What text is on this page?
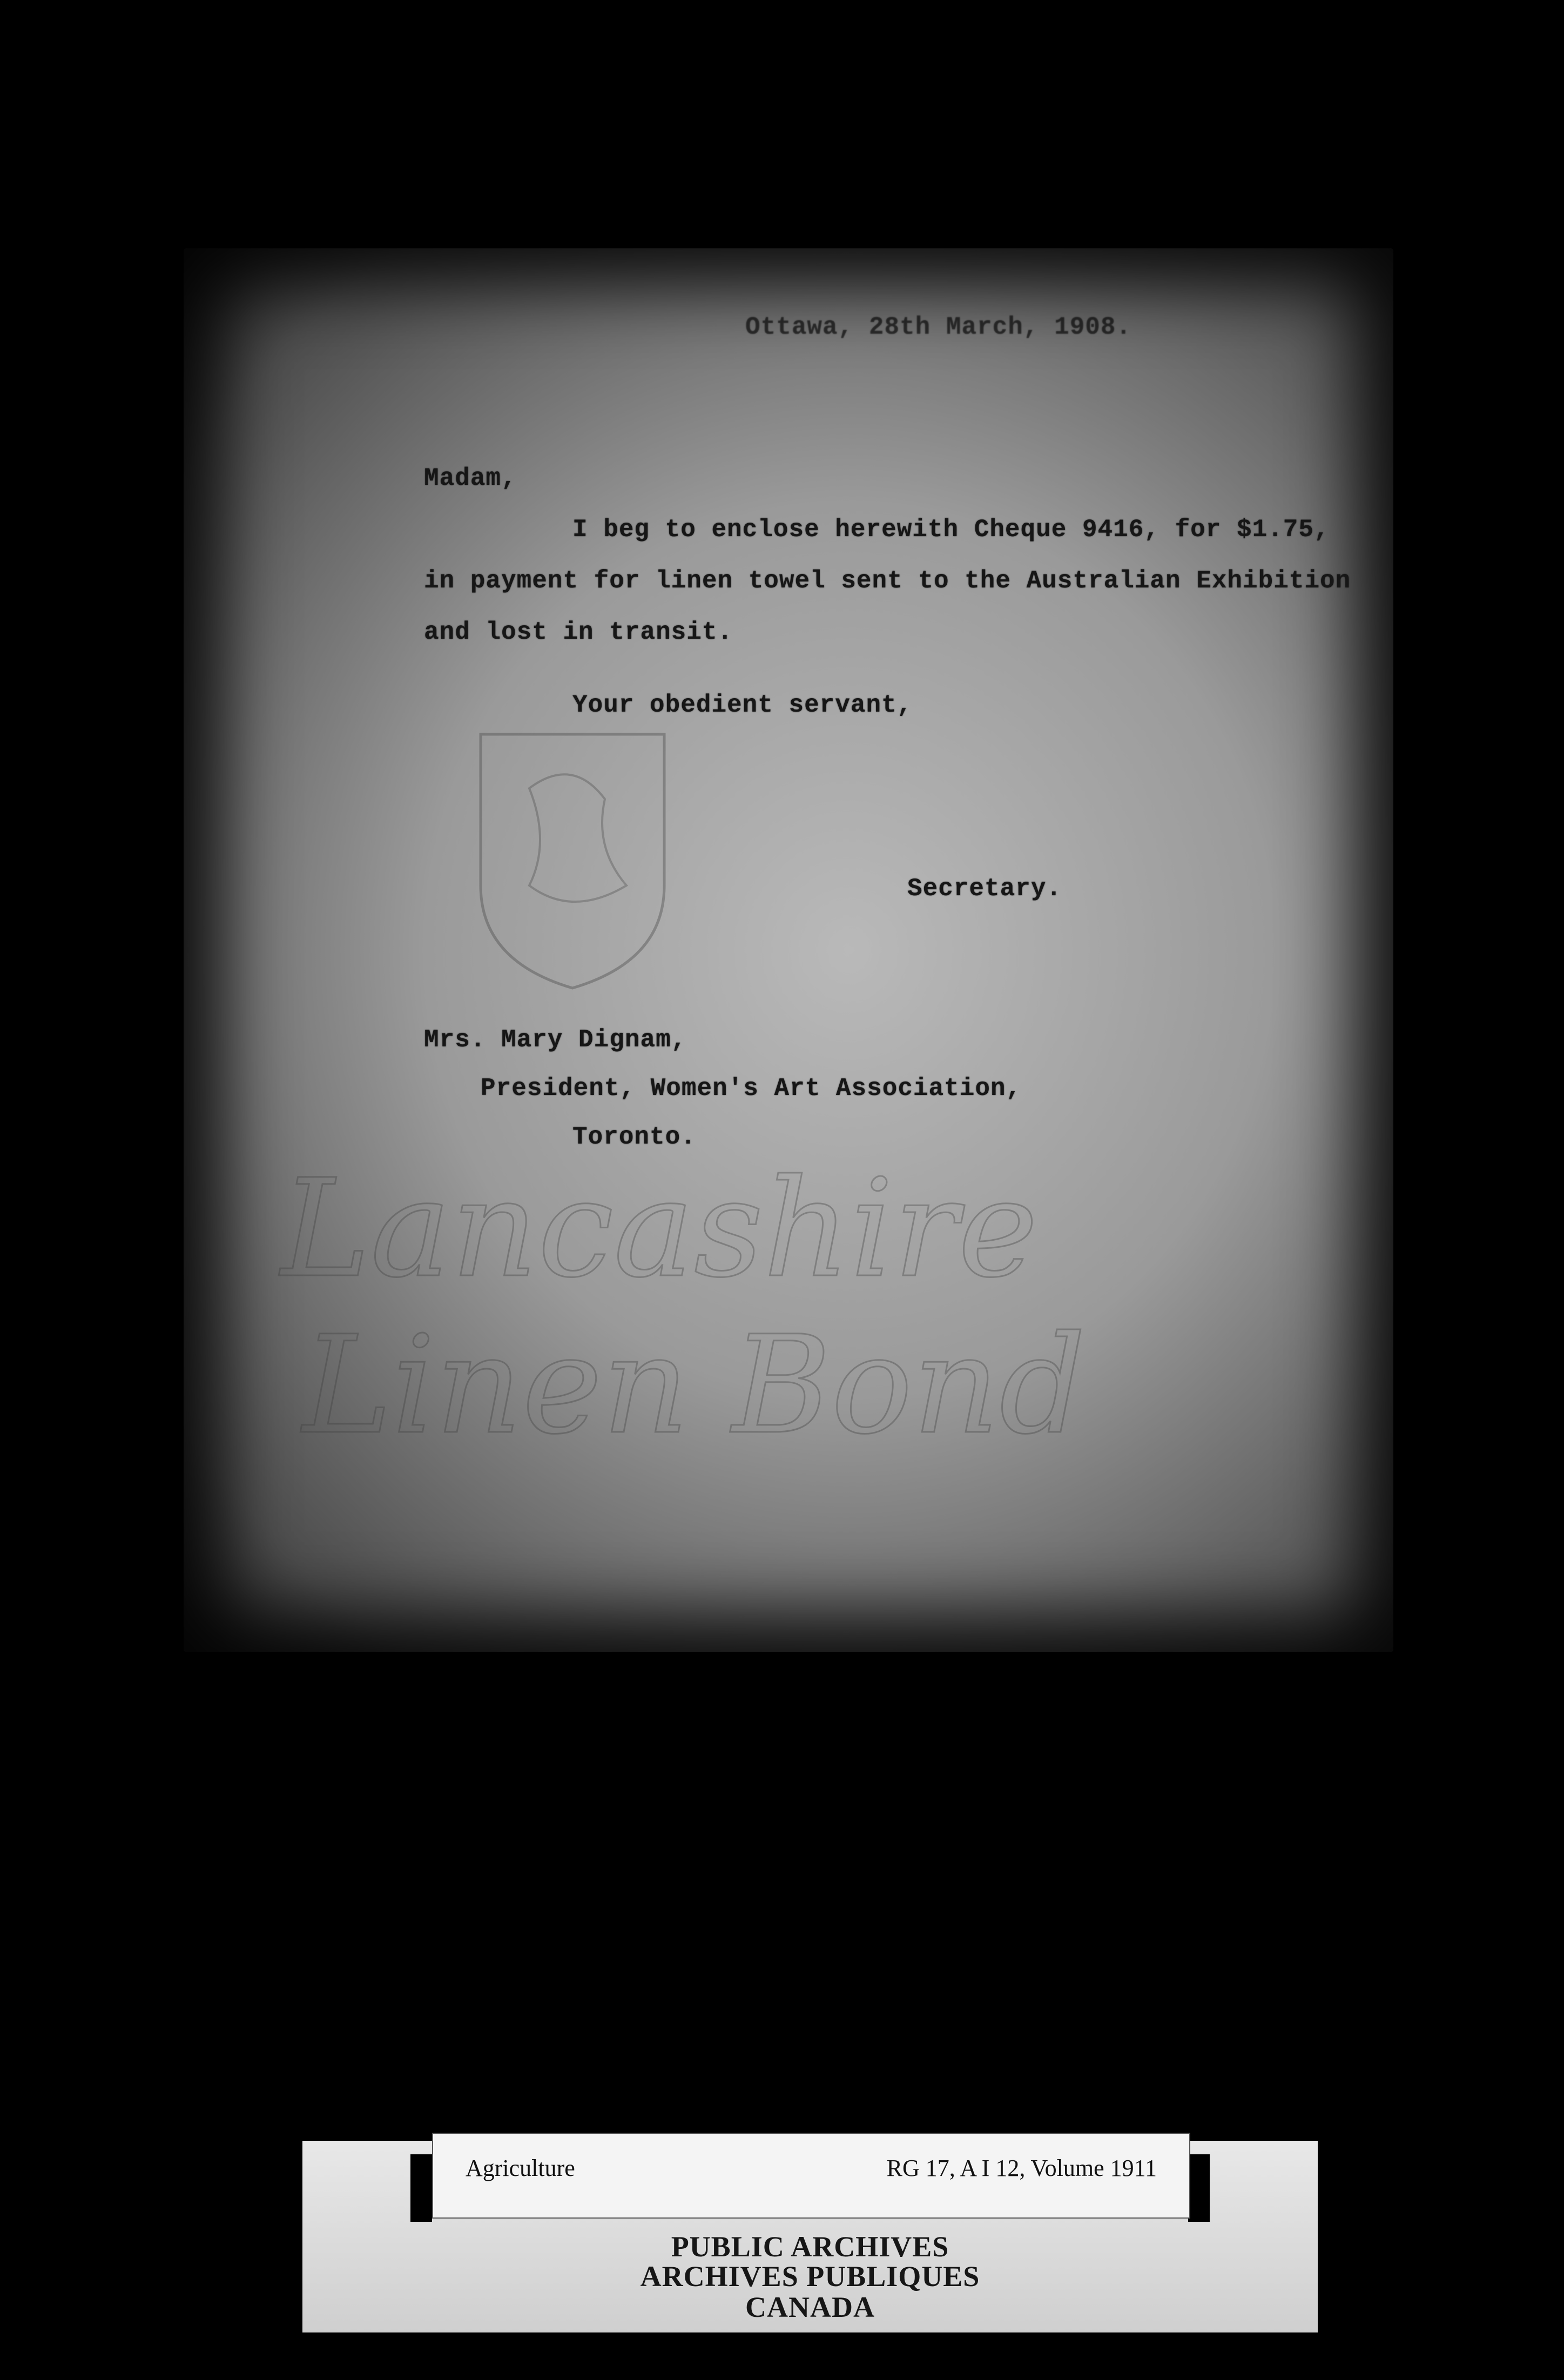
Ottawa, 28th March, 1908.
Madam,
I beg to enclose herewith Cheque 9416, for $1.75,
in payment for linen towel sent to the Australian Exhibition
and lost in transit.
Your obedient servant,
Secretary.
Mrs. Mary Dignam,
President, Women's Art Association,
Toronto.
Lancashire
Linen Bond
Agriculture	RG 17, A I 12, Volume 1911
PUBLIC ARCHIVES
ARCHIVES PUBLIQUES
CANADA
